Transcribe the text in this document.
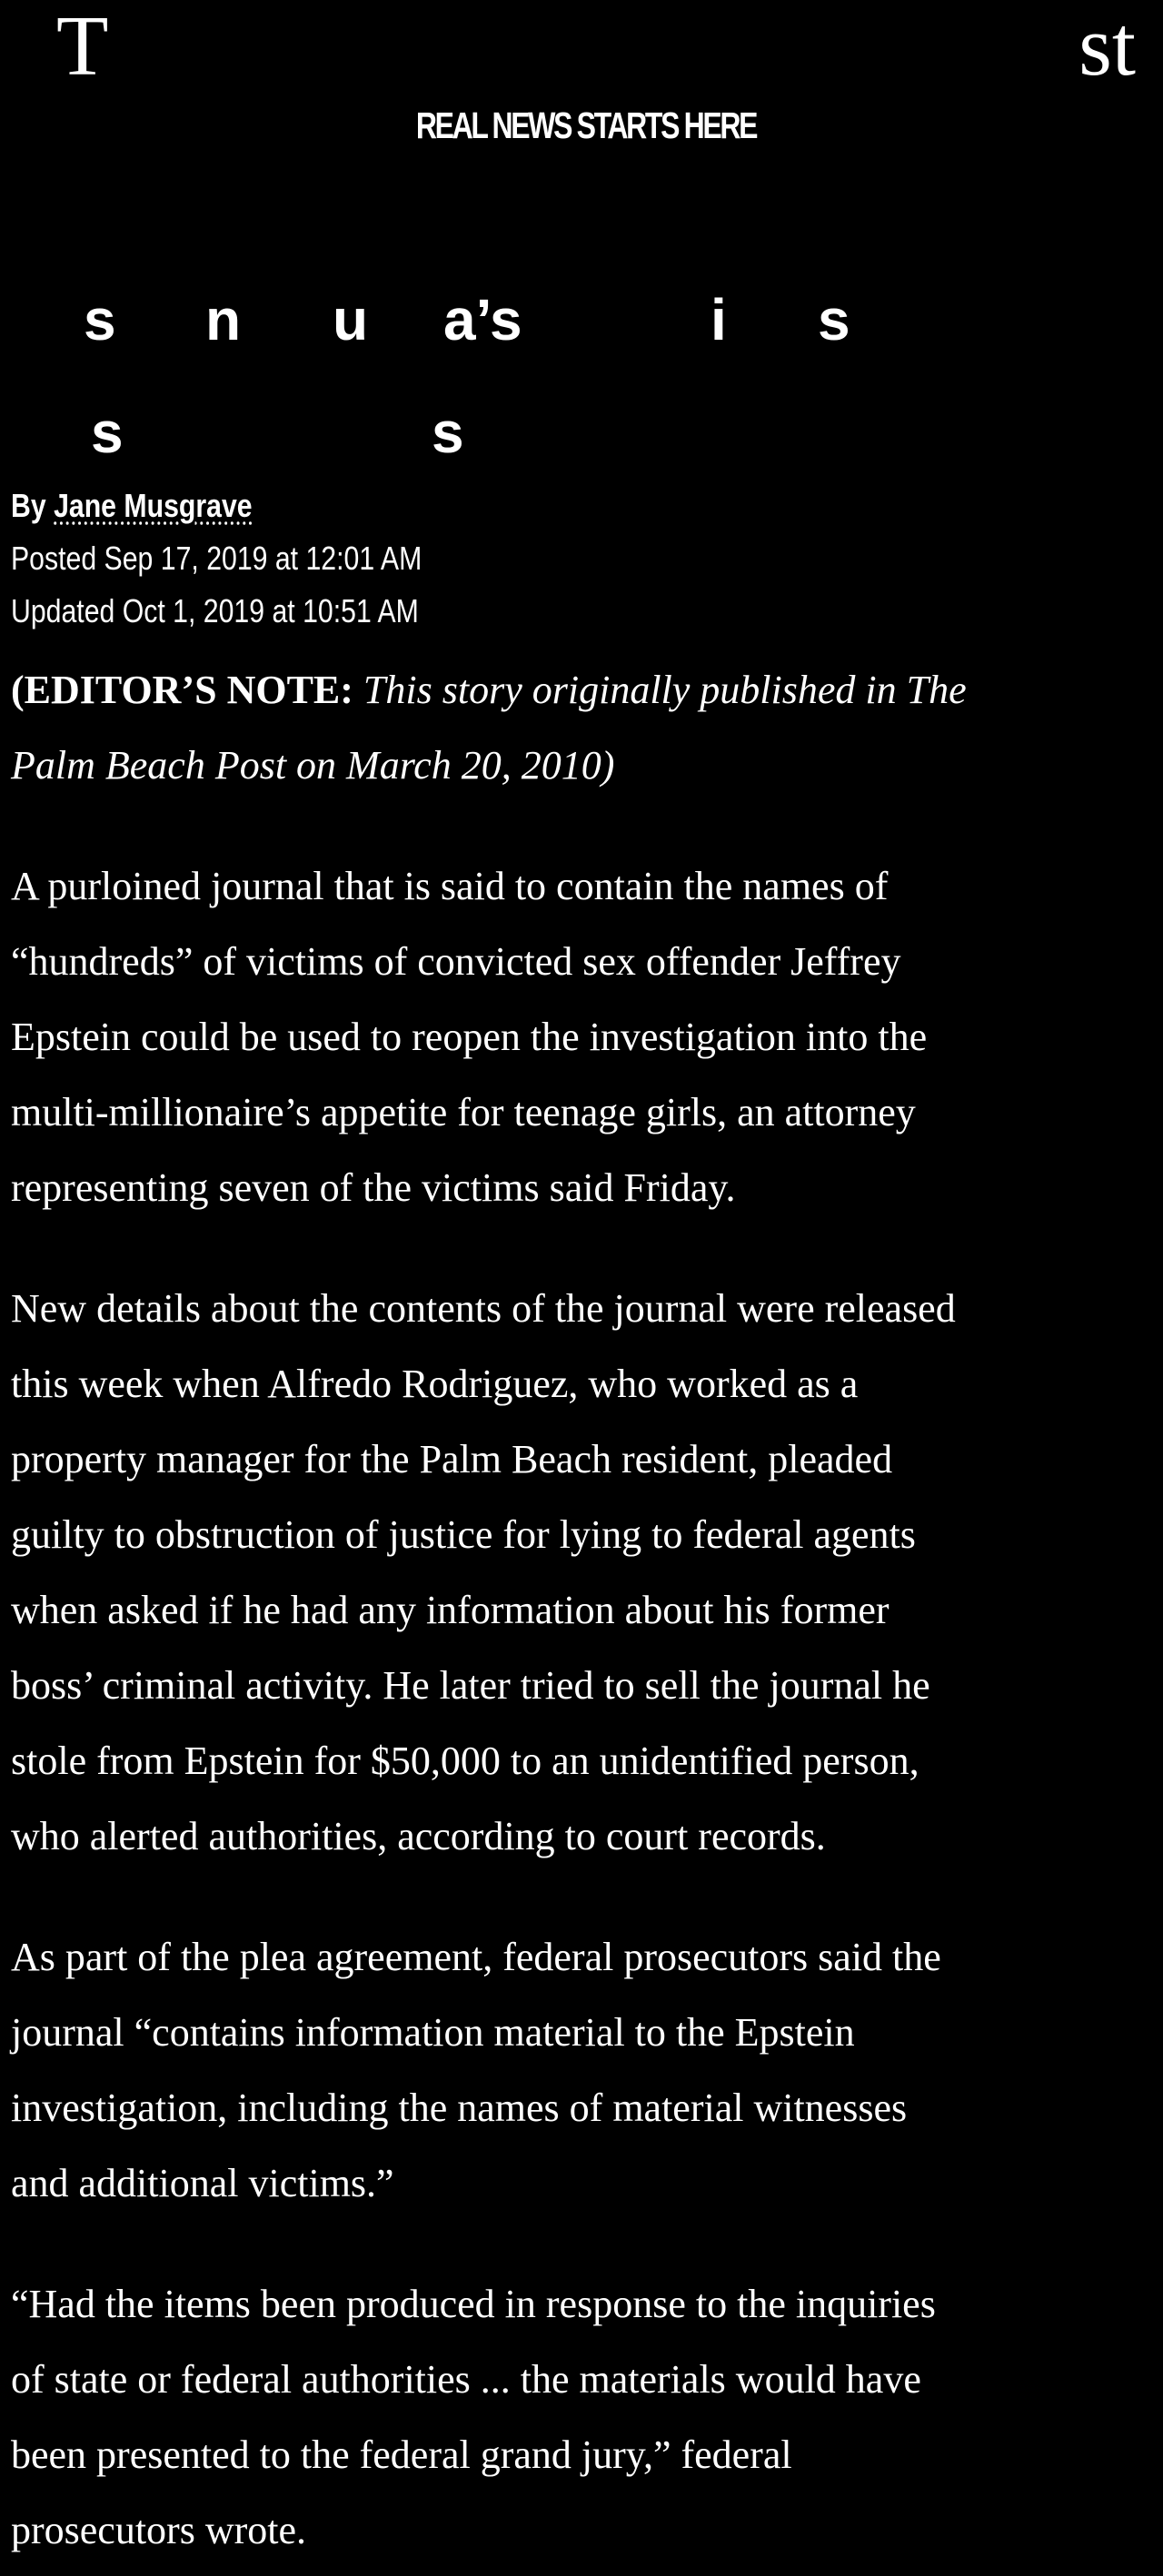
T	st
REAL NEWS STARTS HERE
s n u a’s	i s
s	s
By Jane Musgrave
Posted Sep 17, 2019 at 12:01 AM
Updated Oct 1, 2019 at 10:51 AM

(EDITOR’S NOTE: This story originally published in The
Palm Beach Post on March 20, 2010)

A purloined journal that is said to contain the names of
“hundreds” of victims of convicted sex offender Jeffrey
Epstein could be used to reopen the investigation into the
multi-millionaire’s appetite for teenage girls, an attorney
representing seven of the victims said Friday.

New details about the contents of the journal were released
this week when Alfredo Rodriguez, who worked as a
property manager for the Palm Beach resident, pleaded
guilty to obstruction of justice for lying to federal agents
when asked if he had any information about his former
boss’ criminal activity. He later tried to sell the journal he
stole from Epstein for $50,000 to an unidentified person,
who alerted authorities, according to court records.

As part of the plea agreement, federal prosecutors said the
journal “contains information material to the Epstein
investigation, including the names of material witnesses
and additional victims.”

“Had the items been produced in response to the inquiries
of state or federal authorities ... the materials would have
been presented to the federal grand jury,” federal
prosecutors wrote.
